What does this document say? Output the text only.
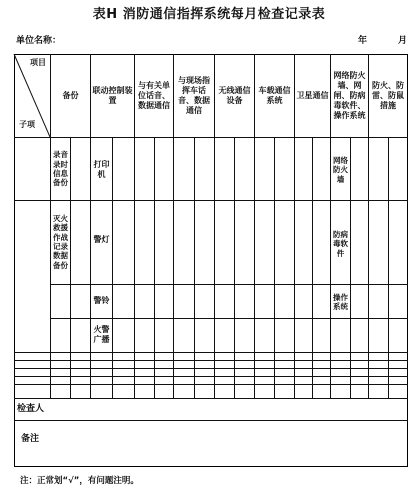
表H 消防通信指挥系统每月检查记录表
单位名称：	年	月
项目
子项
备份
联动控制装置
与有关单位话音、数据通信
与现场指挥车话音、数据通信
无线通信设备
车载通信系统
卫星通信
网络防火墙、网闸、防病毒软件、操作系统
防火、防雷、防鼠措施
录音录时信息备份
灭火救援作战记录数据备份
打印机
警灯
警铃
火警广播
网络防火墙
防病毒软件
操作系统
检查人
备注
注：正常划“√”，有问题注明。
